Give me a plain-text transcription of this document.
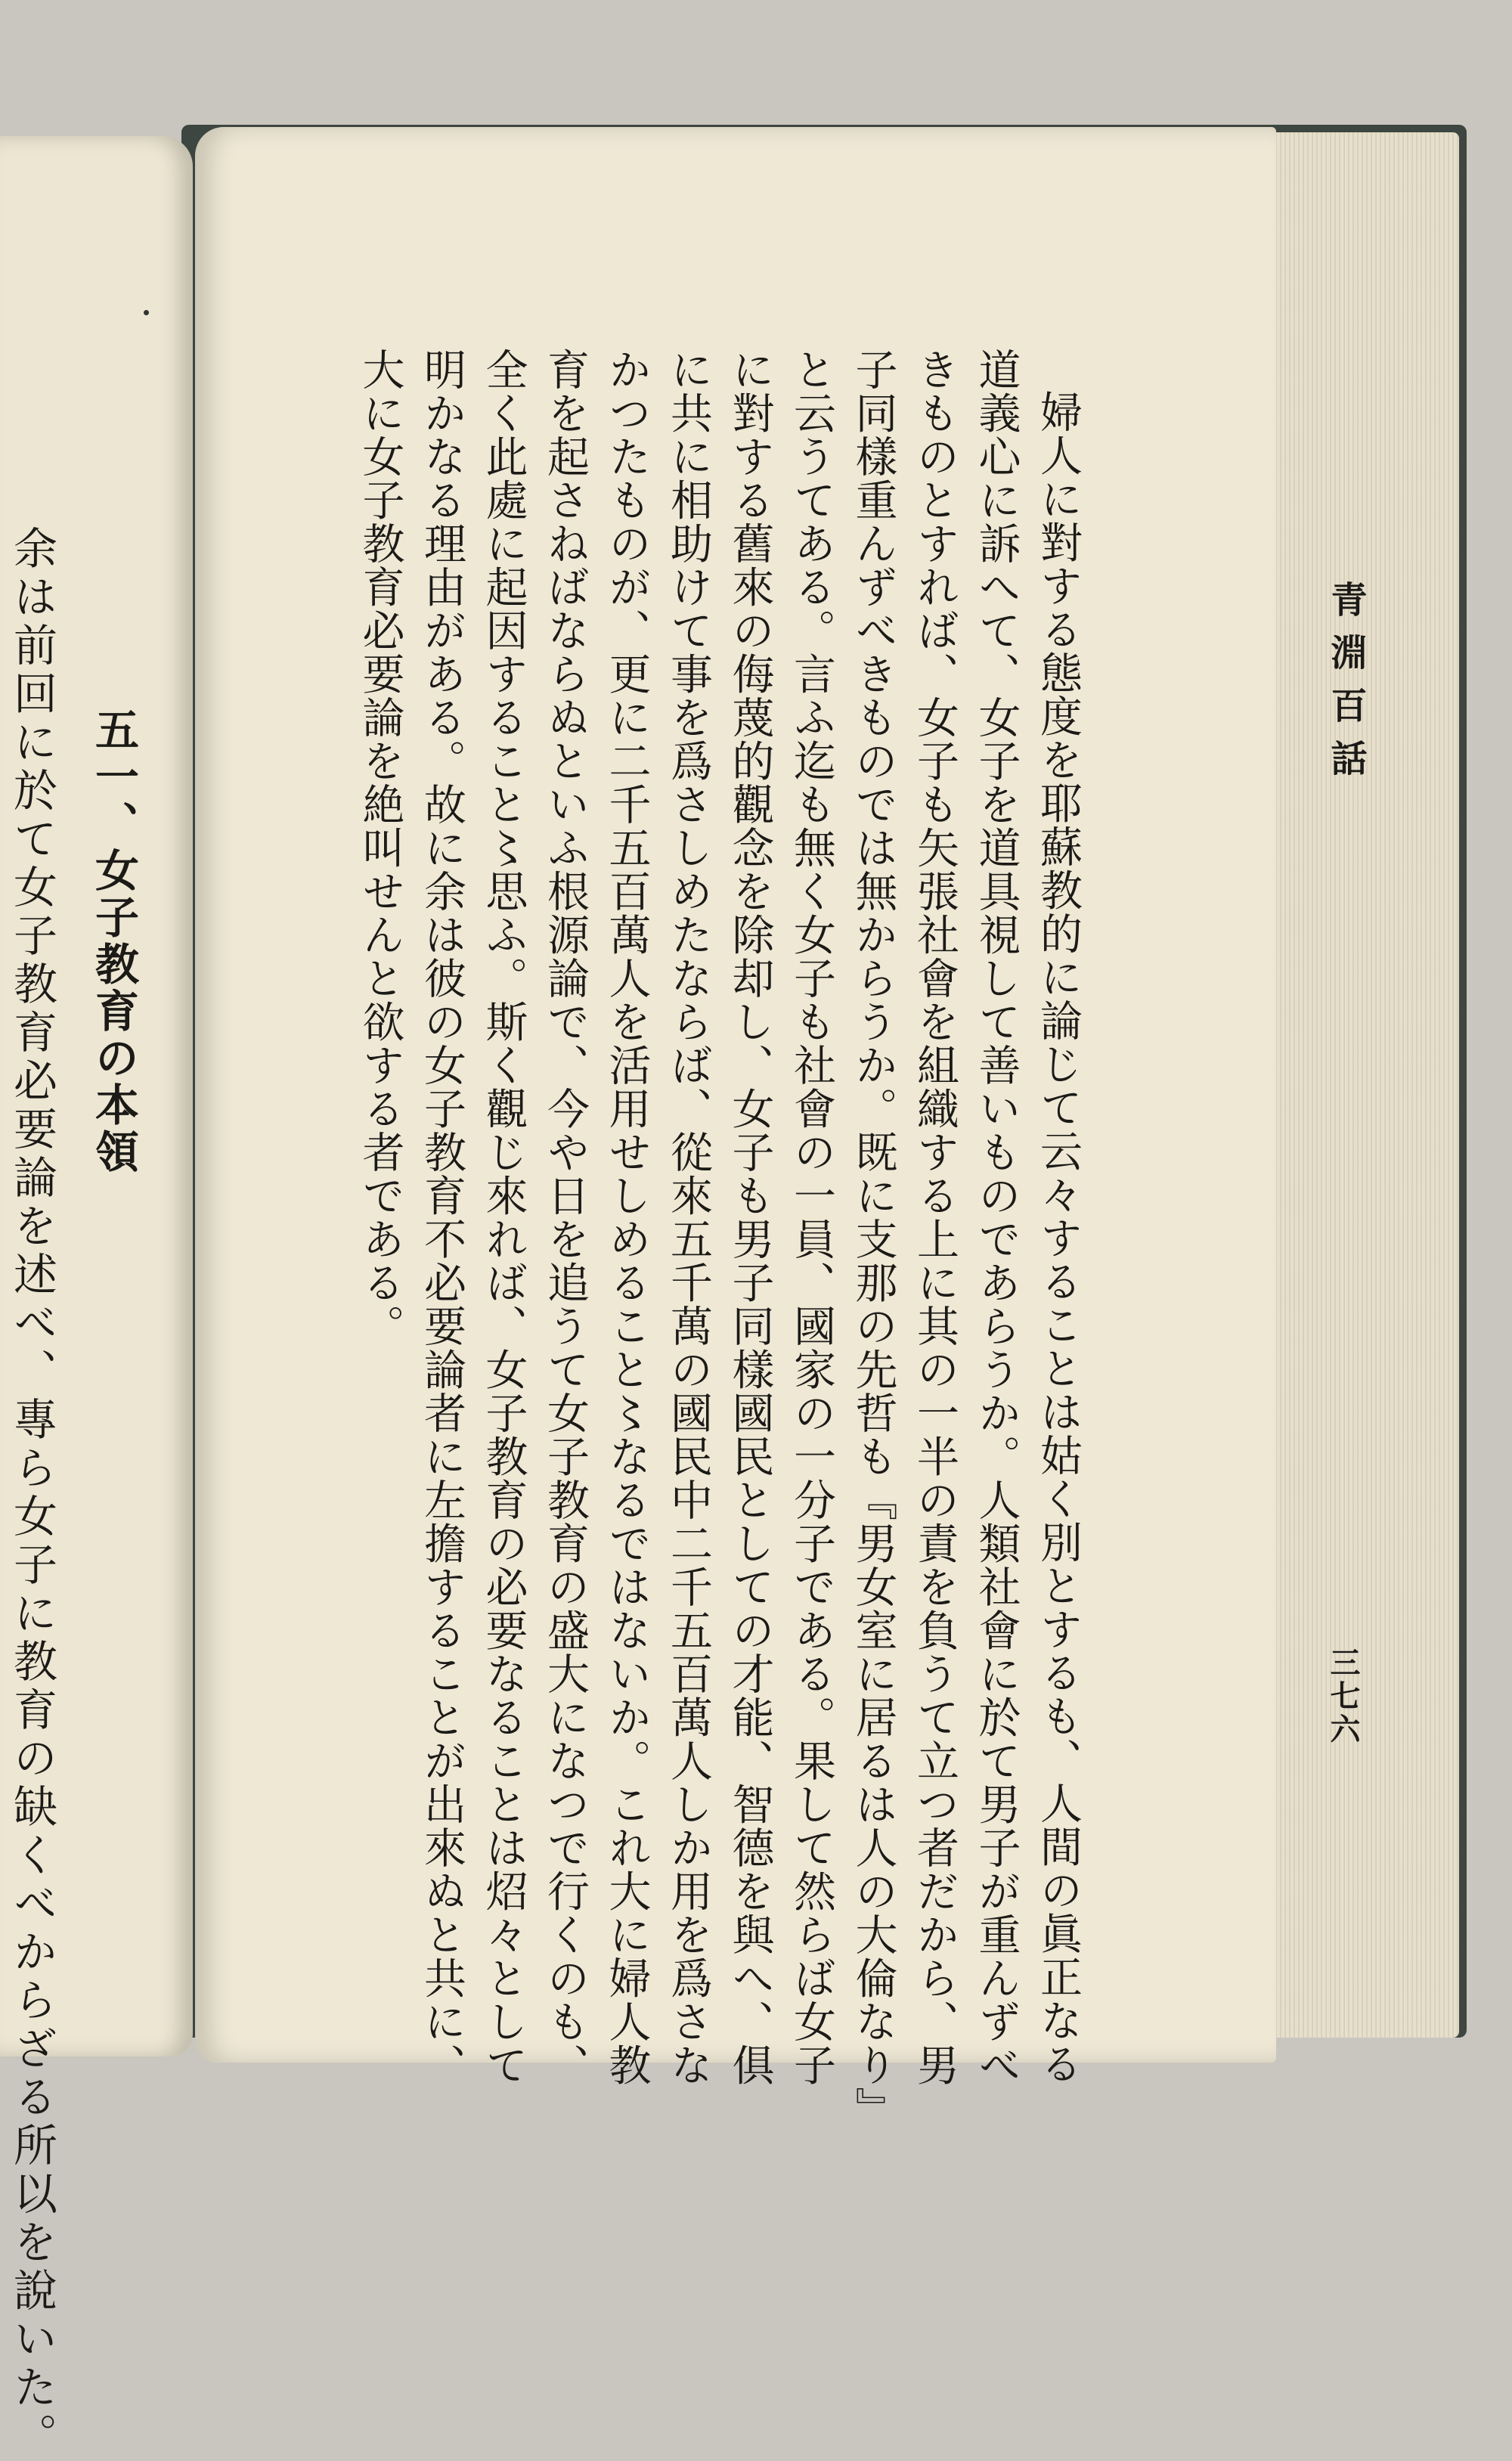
余は前回に於て女子教育必要論を述べ、專ら女子に教育の缺くべからざる所以を說いた。 五一、女子教育の本領
青淵百話
三七六
婦人に對する態度を耶蘇教的に論じて云々することは姑く別とするも、人間の眞正なる
道義心に訴へて、女子を道具視して善いものであらうか。人類社會に於て男子が重んずべ
きものとすれば、女子も矢張社會を組織する上に其の一半の責を負うて立つ者だから、男
子同樣重んずべきものでは無からうか。既に支那の先哲も『男女室に居るは人の大倫なり』
と云うてある。言ふ迄も無く女子も社會の一員、國家の一分子である。果して然らば女子
に對する舊來の侮蔑的觀念を除却し、女子も男子同樣國民としての才能、智德を與へ、俱
に共に相助けて事を爲さしめたならば、從來五千萬の國民中二千五百萬人しか用を爲さな
かつたものが、更に二千五百萬人を活用せしめること〻なるではないか。これ大に婦人教
育を起さねばならぬといふ根源論で、今や日を追うて女子教育の盛大になつで行くのも、
全く此處に起因すること〻思ふ。斯く觀じ來れば、女子教育の必要なることは炤々として
明かなる理由がある。故に余は彼の女子教育不必要論者に左擔することが出來ぬと共に、
大に女子教育必要論を絶叫せんと欲する者である。
